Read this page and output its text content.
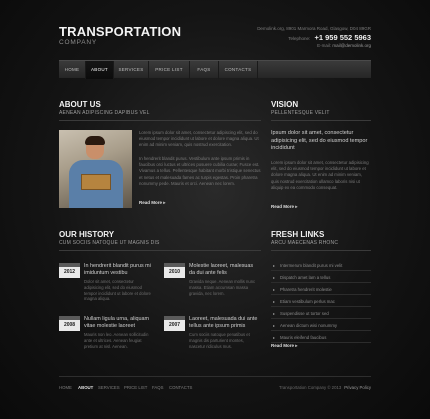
TRANSPORTATION
COMPANY
Demolink.org, 8901 Marmora Road, Glasgow, D04 89GR
Telephone: +1 959 552 5963
E-mail: mail@demolink.org
HOME	ABOUT	SERVICES	PRICE LIST	FAQS	CONTACTS
ABOUT US
AENEAN ADIPISCING DAPIBUS VEL
Lorem ipsum dolor sit amet, consectetur adipiscing elit, sed do eiusmod tempor incididunt ut labore et dolore magna aliqua. Ut enim ad minim veniam, quis nostrud exercitation.
In hendrerit blandit purus. Vestibulum ante ipsum primis in faucibus orci luctus et ultrices posuere cubilia curae; Fusce est. Vivamus a tellus. Pellentesque habitant morbi tristique senectus et netus et malesuada fames ac turpis egestas. Proin pharetra nonummy pede. Mauris et orci. Aenean nec lorem.
Read More ▸
VISION
PELLENTESQUE VELIT
Ipsum dolor sit amet, consectetur adipisicing elit, sed do eiusmod tempor incididunt
Lorem ipsum dolor sit amet, consectetur adipisicing elit, sed do eiusmod tempor incididunt ut labore et dolore magna aliqua. Ut enim ad minim veniam, quis nostrud exercitation ullamco laboris nisi ut aliquip ex ea commodo consequat.
Read More ▸
OUR HISTORY
CUM SOCIIS NATOQUE UT MAGNIS DIS
2012
In hendrerit blandit purus mi imiduntum vestibu
Dolor sit amet, consectetur adipisicing elit, sed do eiusmod tempor incididunt ut labore et dolore magna aliqua.
2010
Molestie laoreet, malesuas da dui ante felis
Gravida neque. Aenean mollis nunc massa. Etiam accumsan massa gravida, nec lorem.
2008
Nullam ligula urna, aliquam vitae molestie laoreet
Mauris non leo. Aenean sollicitudin ante et ultrices. Aenean feugiat pretium at nisl. Aenean.
2007
Laoreet, malesuada dui ante tellus ante ipsum primis
Cum sociis natoque penatibus et magnis dis parturient montes, nascetur ridiculus mus.
FRESH LINKS
ARCU MAECENAS RHONC
▸ Intermerum blandit purus mi velit
▸ Dispatch amet lam a tellus
▸ Pharetra hendrerit molestie
▸ Etiam vestibulum perlus mac
▸ Suspendisse ut tortor sed
▸ Aenean dictum wisi nonummy
▸ Mauris eleifend faucibus
Read More ▸
HOME ABOUT SERVICES PRICE LIST FAQS CONTACTS	Transportation Company © 2013 Privacy Policy
